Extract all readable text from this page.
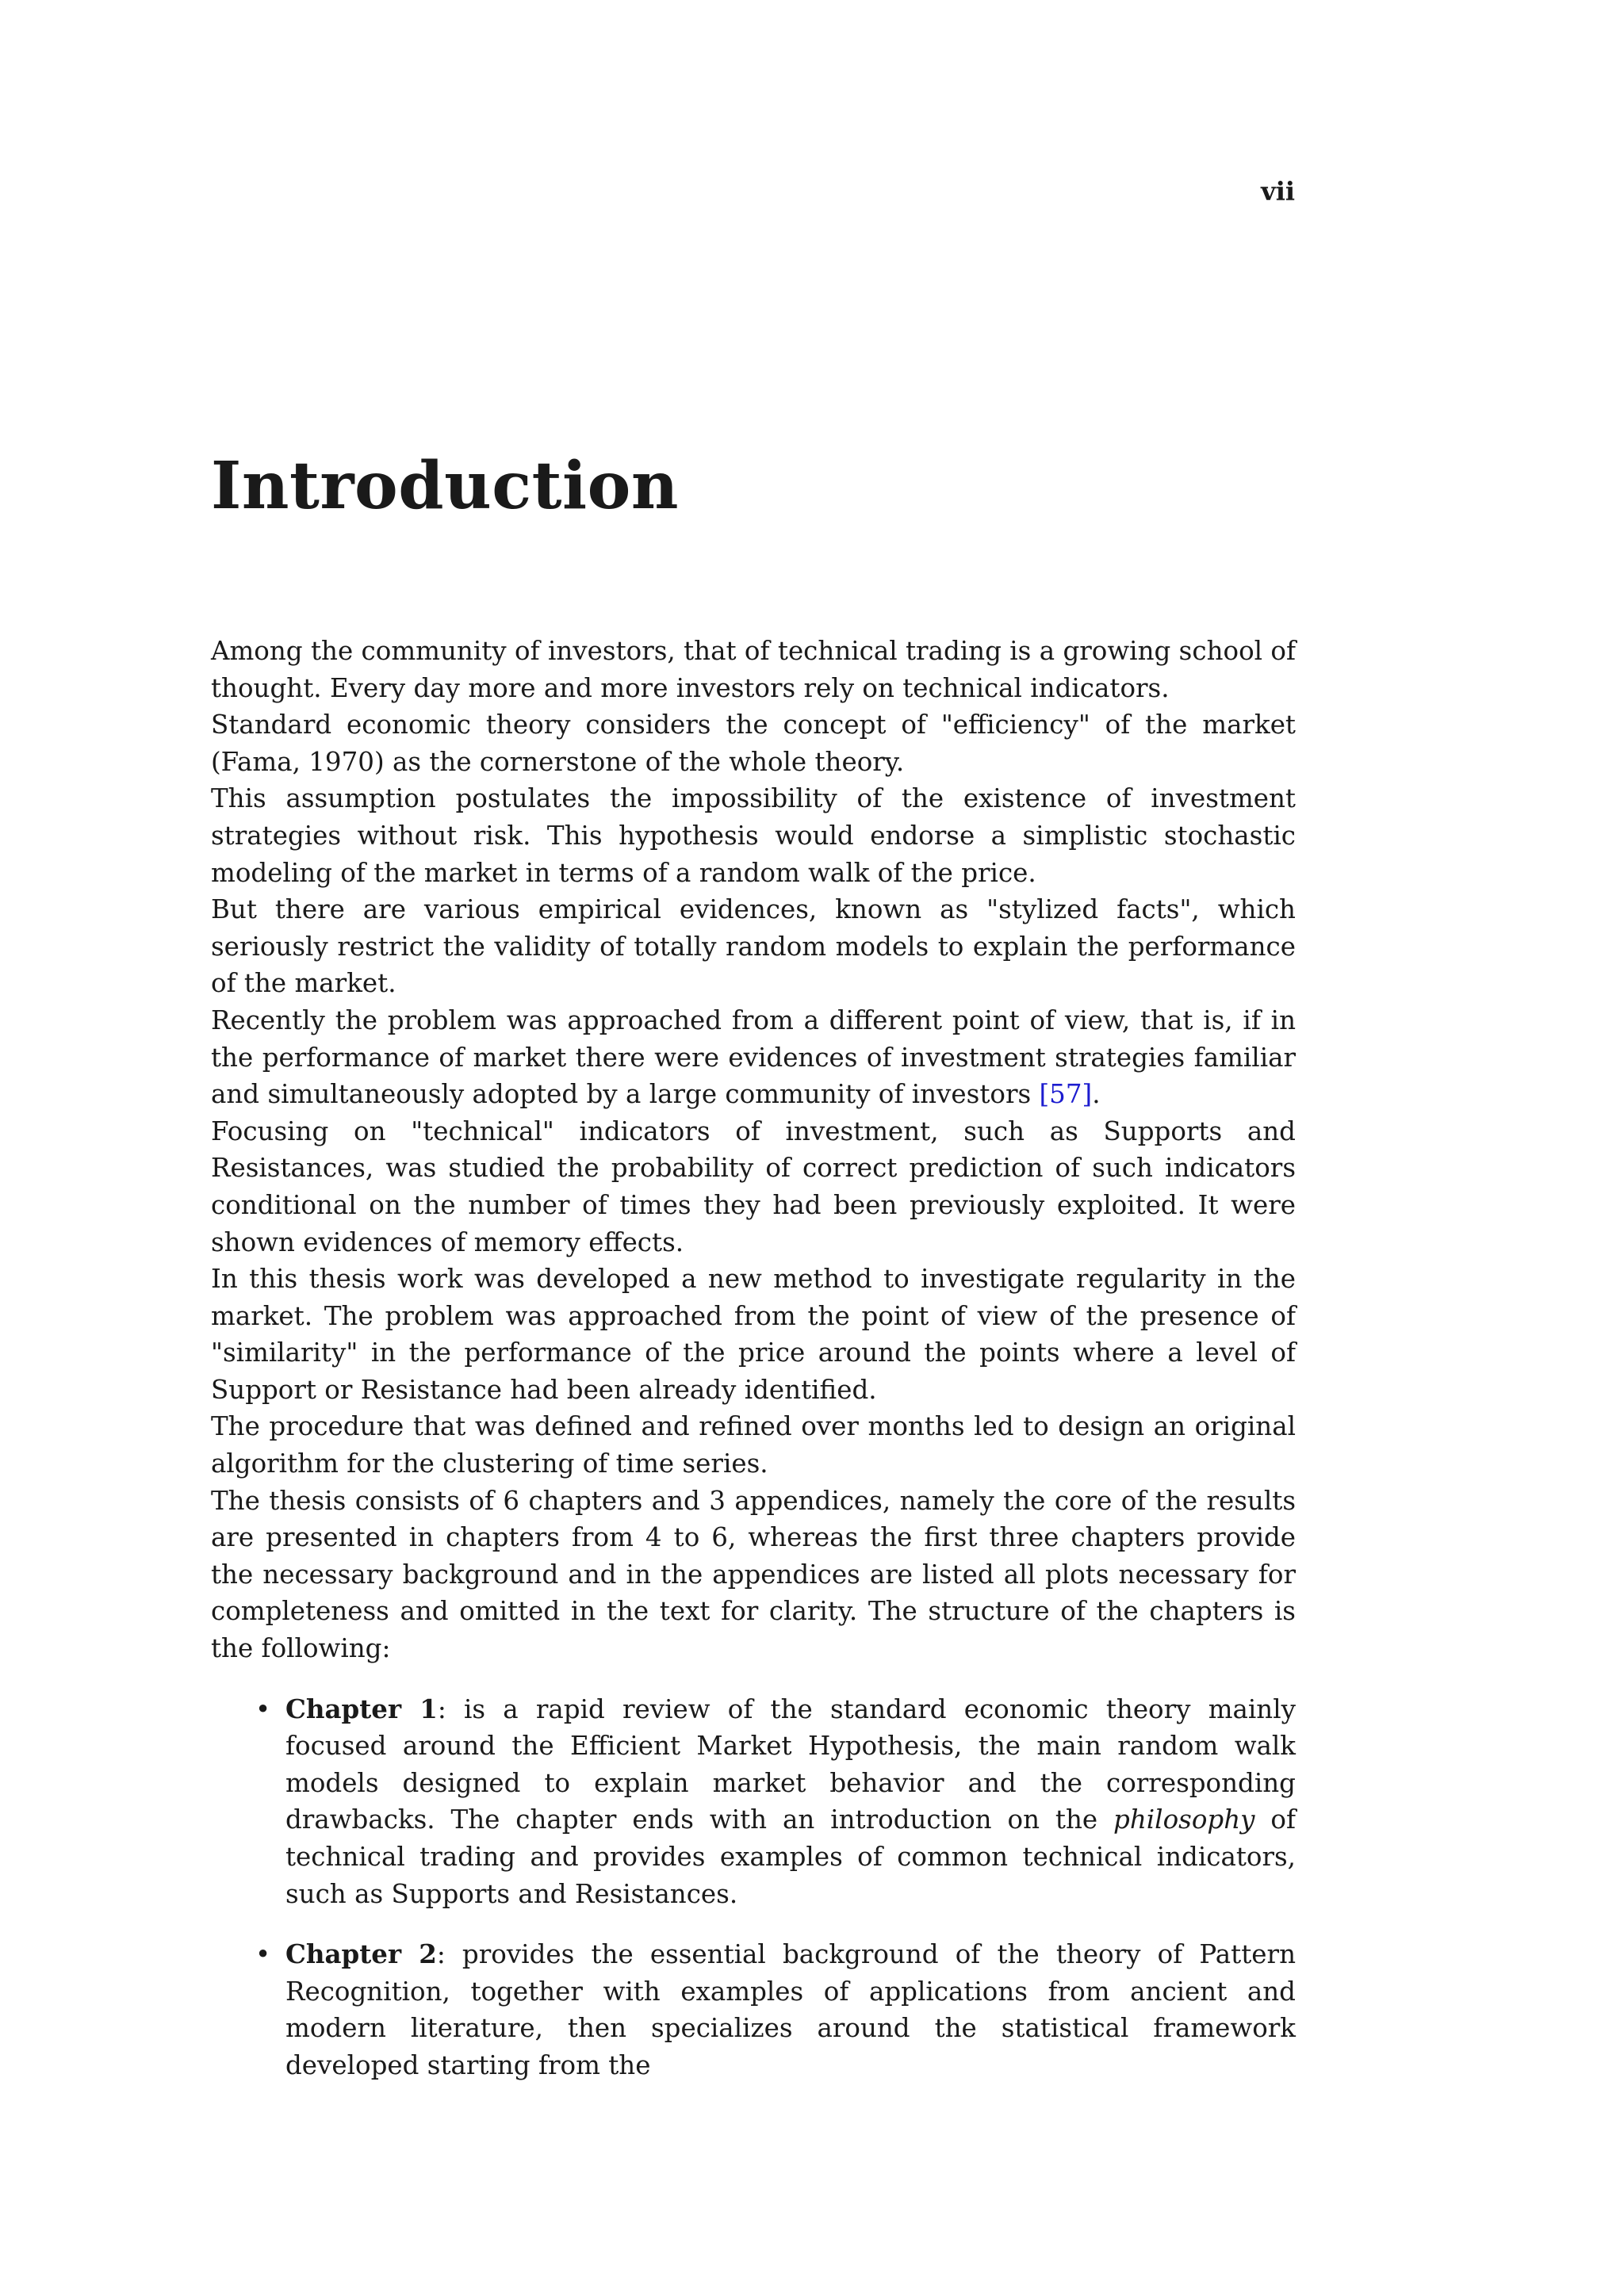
vii

Introduction

Among the community of investors, that of technical trading is a growing school of thought. Every day more and more investors rely on technical indicators.

Standard economic theory considers the concept of "efficiency" of the market (Fama, 1970) as the cornerstone of the whole theory.

This assumption postulates the impossibility of the existence of investment strategies without risk. This hypothesis would endorse a simplistic stochastic modeling of the market in terms of a random walk of the price.

But there are various empirical evidences, known as "stylized facts", which seriously restrict the validity of totally random models to explain the performance of the market.

Recently the problem was approached from a different point of view, that is, if in the performance of market there were evidences of investment strategies familiar and simultaneously adopted by a large community of investors [57].

Focusing on "technical" indicators of investment, such as Supports and Resistances, was studied the probability of correct prediction of such indicators conditional on the number of times they had been previously exploited. It were shown evidences of memory effects.

In this thesis work was developed a new method to investigate regularity in the market. The problem was approached from the point of view of the presence of "similarity" in the performance of the price around the points where a level of Support or Resistance had been already identified.

The procedure that was defined and refined over months led to design an original algorithm for the clustering of time series.

The thesis consists of 6 chapters and 3 appendices, namely the core of the results are presented in chapters from 4 to 6, whereas the first three chapters provide the necessary background and in the appendices are listed all plots necessary for completeness and omitted in the text for clarity. The structure of the chapters is the following:

• Chapter 1: is a rapid review of the standard economic theory mainly focused around the Efficient Market Hypothesis, the main random walk models designed to explain market behavior and the corresponding drawbacks. The chapter ends with an introduction on the philosophy of technical trading and provides examples of common technical indicators, such as Supports and Resistances.
• Chapter 2: provides the essential background of the theory of Pattern Recognition, together with examples of applications from ancient and modern literature, then specializes around the statistical framework developed starting from the
